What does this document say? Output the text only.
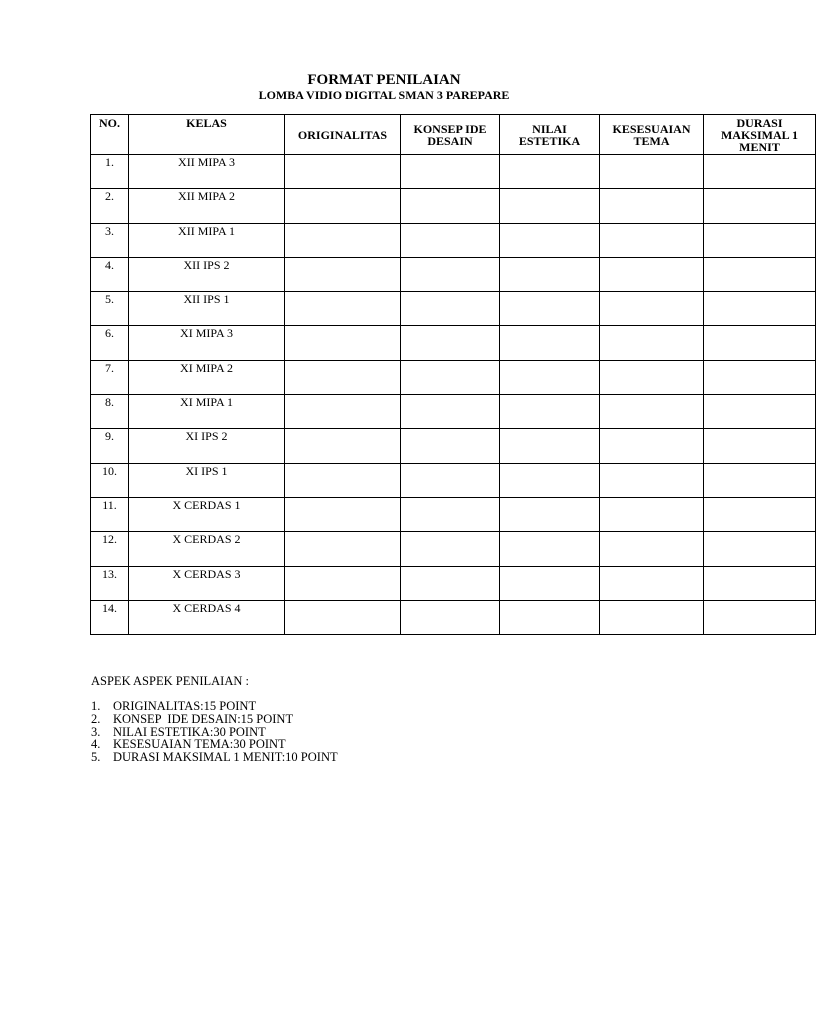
FORMAT PENILAIAN
LOMBA VIDIO DIGITAL SMAN 3 PAREPARE
NO.	KELAS	ORIGINALITAS	KONSEP IDE DESAIN	NILAI ESTETIKA	KESESUAIAN TEMA	DURASI MAKSIMAL 1 MENIT
1.	XII MIPA 3					
2.	XII MIPA 2					
3.	XII MIPA 1					
4.	XII IPS 2					
5.	XII IPS 1					
6.	XI MIPA 3					
7.	XI MIPA 2					
8.	XI MIPA 1					
9.	XI IPS 2					
10.	XI IPS 1					
11.	X CERDAS 1					
12.	X CERDAS 2					
13.	X CERDAS 3					
14.	X CERDAS 4					
ASPEK ASPEK PENILAIAN :
1.	ORIGINALITAS:15 POINT
2.	KONSEP  IDE DESAIN:15 POINT
3.	NILAI ESTETIKA:30 POINT
4.	KESESUAIAN TEMA:30 POINT
5.	DURASI MAKSIMAL 1 MENIT:10 POINT
